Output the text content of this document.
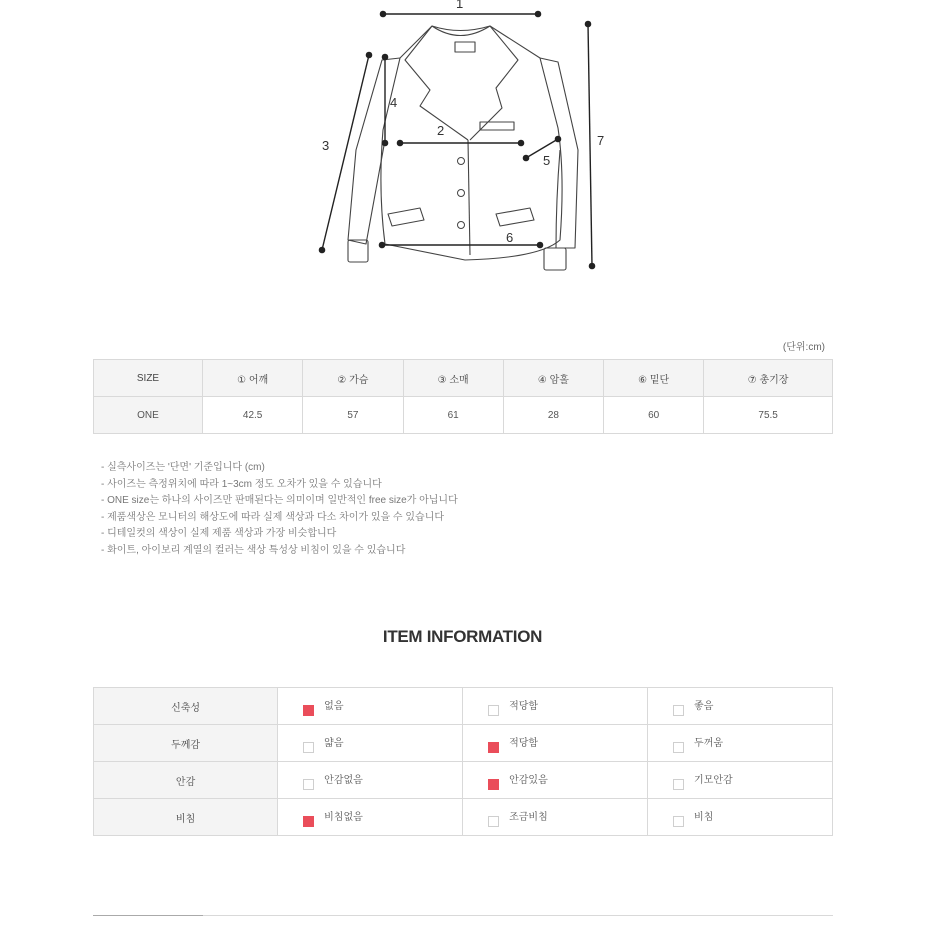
1
2
3
4
5
6
7
(단위:cm)
SIZE	① 어깨	② 가슴	③ 소매	④ 암홀	⑥ 밑단	⑦ 총기장
ONE	42.5	57	61	28	60	75.5
- 실측사이즈는 '단면' 기준입니다 (cm)
- 사이즈는 측정위치에 따라 1~3cm 정도 오차가 있을 수 있습니다
- ONE size는 하나의 사이즈만 판매된다는 의미이며 일반적인 free size가 아닙니다
- 제품색상은 모니터의 해상도에 따라 실제 색상과 다소 차이가 있을 수 있습니다
- 디테일컷의 색상이 실제 제품 색상과 가장 비슷합니다
- 화이트, 아이보리 계열의 컬러는 색상 특성상 비침이 있을 수 있습니다
ITEM INFORMATION
신축성	없음	적당함	좋음
두께감	얇음	적당함	두꺼움
안감	안감없음	안감있음	기모안감
비침	비침없음	조금비침	비침
